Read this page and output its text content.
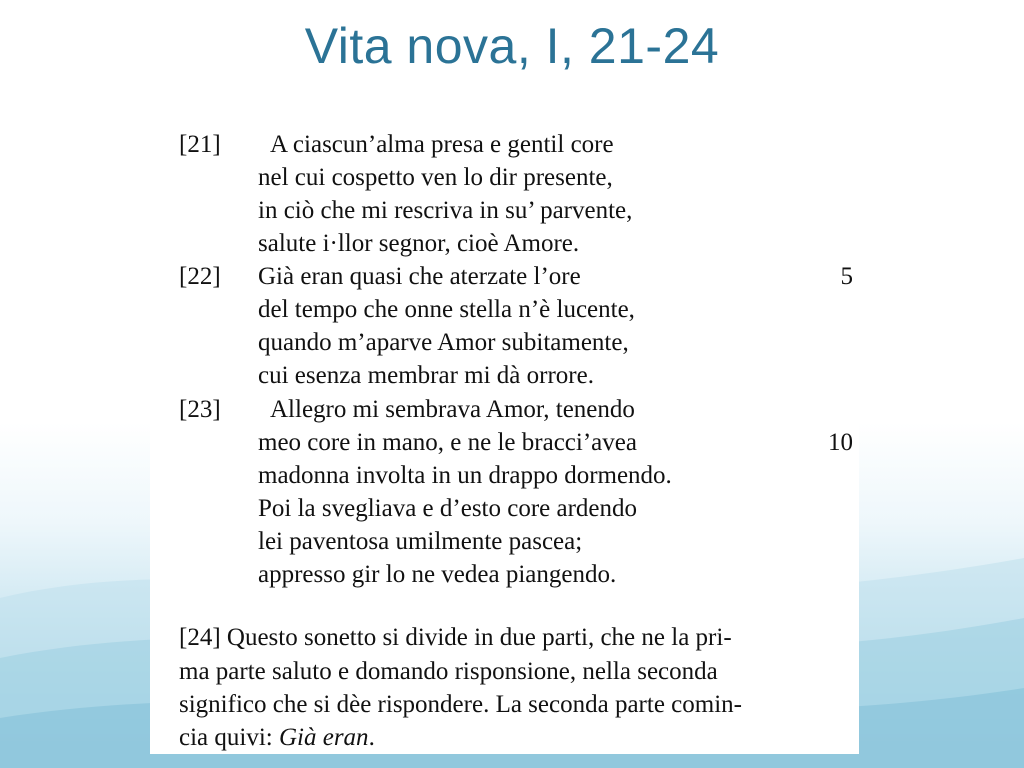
Vita nova, I, 21-24
[21] A ciascun’alma presa e gentil core
nel cui cospetto ven lo dir presente,
in ciò che mi rescriva in su’ parvente,
salute i·llor segnor, cioè Amore.
[22] Già eran quasi che aterzate l’ore	5
del tempo che onne stella n’è lucente,
quando m’aparve Amor subitamente,
cui esenza membrar mi dà orrore.
[23] Allegro mi sembrava Amor, tenendo
meo core in mano, e ne le bracci’avea	10
madonna involta in un drappo dormendo.
Poi la svegliava e d’esto core ardendo
lei paventosa umilmente pascea;
appresso gir lo ne vedea piangendo.
[24] Questo sonetto si divide in due parti, che ne la pri-
ma parte saluto e domando risponsione, nella seconda
significo che si dèe rispondere. La seconda parte comin-
cia quivi: Già eran.
